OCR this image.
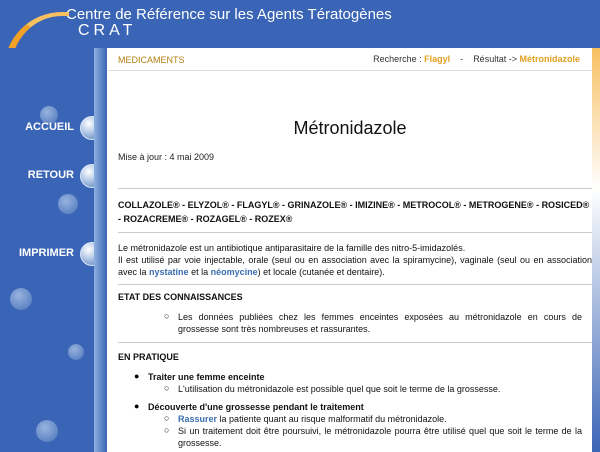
Centre de Référence sur les Agents Tératogènes
CRAT
ACCUEIL
RETOUR
IMPRIMER
MEDICAMENTS	Recherche : Flagyl - Résultat -> Métronidazole
Métronidazole
Mise à jour : 4 mai 2009
COLLAZOLE® - ELYZOL® - FLAGYL® - GRINAZOLE® - IMIZINE® - METROCOL® - METROGENE® - ROSICED® - ROZACREME® - ROZAGEL® - ROZEX®
Le métronidazole est un antibiotique antiparasitaire de la famille des nitro-5-imidazolés.
Il est utilisé par voie injectable, orale (seul ou en association avec la spiramycine), vaginale (seul ou en association avec la nystatine et la néomycine) et locale (cutanée et dentaire).
ETAT DES CONNAISSANCES
○ Les données publiées chez les femmes enceintes exposées au métronidazole en cours de grossesse sont très nombreuses et rassurantes.
EN PRATIQUE
● Traiter une femme enceinte
○ L'utilisation du métronidazole est possible quel que soit le terme de la grossesse.
● Découverte d'une grossesse pendant le traitement
○ Rassurer la patiente quant au risque malformatif du métronidazole.
○ Si un traitement doit être poursuivi, le métronidazole pourra être utilisé quel que soit le terme de la grossesse.
